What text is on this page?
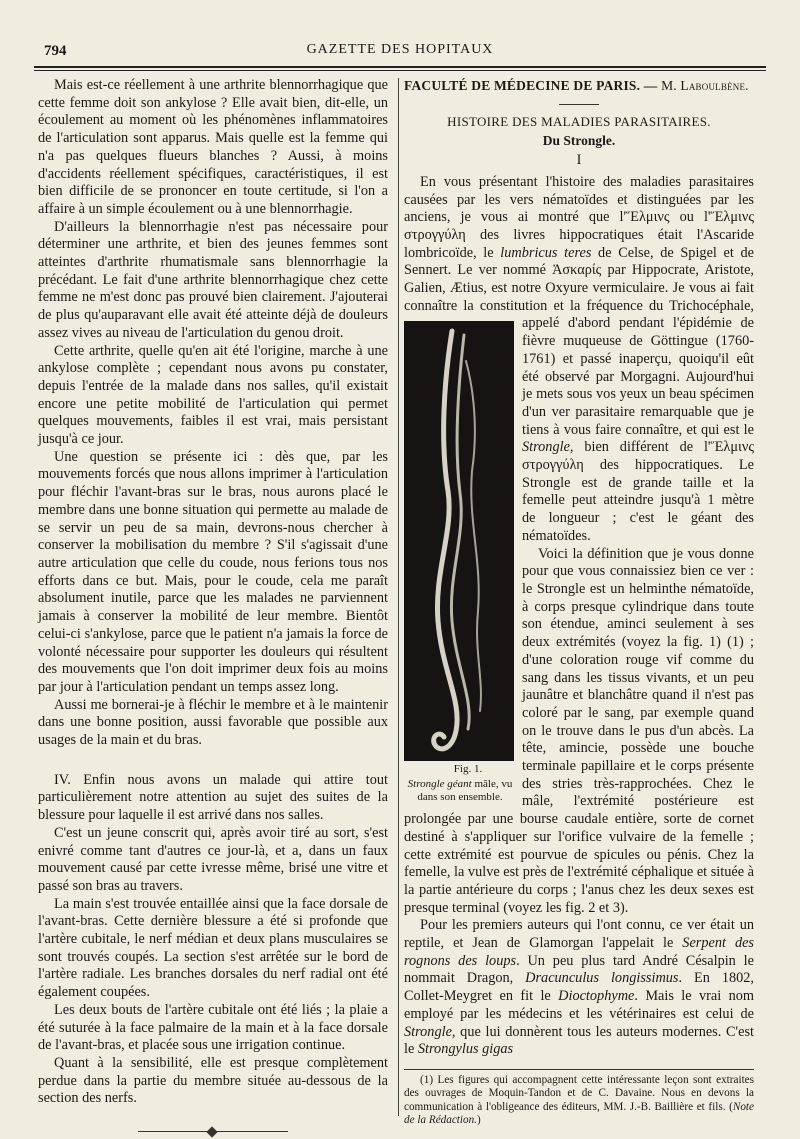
794	GAZETTE DES HOPITAUX

Mais est-ce réellement à une arthrite blennorrhagique que cette femme doit son ankylose ? Elle avait bien, dit-elle, un écoulement au moment où les phénomènes inflammatoires de l'articulation sont apparus. Mais quelle est la femme qui n'a pas quelques flueurs blanches ? Aussi, à moins d'accidents réellement spécifiques, caractéristiques, il est bien difficile de se prononcer en toute certitude, si l'on a affaire à un simple écoulement ou à une blennorrhagie.

D'ailleurs la blennorrhagie n'est pas nécessaire pour déterminer une arthrite, et bien des jeunes femmes sont atteintes d'arthrite rhumatismale sans blennorrhagie la précédant. Le fait d'une arthrite blennorrhagique chez cette femme ne m'est donc pas prouvé bien clairement. J'ajouterai de plus qu'auparavant elle avait été atteinte déjà de douleurs assez vives au niveau de l'articulation du genou droit.

Cette arthrite, quelle qu'en ait été l'origine, marche à une ankylose complète ; cependant nous avons pu constater, depuis l'entrée de la malade dans nos salles, qu'il existait encore une petite mobilité de l'articulation qui permet quelques mouvements, faibles il est vrai, mais persistant jusqu'à ce jour.

Une question se présente ici : dès que, par les mouvements forcés que nous allons imprimer à l'articulation pour fléchir l'avant-bras sur le bras, nous aurons placé le membre dans une bonne situation qui permette au malade de se servir un peu de sa main, devrons-nous chercher à conserver la mobilisation du membre ? S'il s'agissait d'une autre articulation que celle du coude, nous ferions tous nos efforts dans ce but. Mais, pour le coude, cela me paraît absolument inutile, parce que les malades ne parviennent jamais à conserver la mobilité de leur membre. Bientôt celui-ci s'ankylose, parce que le patient n'a jamais la force de volonté nécessaire pour supporter les douleurs qui résultent des mouvements que l'on doit imprimer deux fois au moins par jour à l'articulation pendant un temps assez long.

Aussi me bornerai-je à fléchir le membre et à le maintenir dans une bonne position, aussi favorable que possible aux usages de la main et du bras.

IV. Enfin nous avons un malade qui attire tout particulièrement notre attention au sujet des suites de la blessure pour laquelle il est arrivé dans nos salles.

C'est un jeune conscrit qui, après avoir tiré au sort, s'est enivré comme tant d'autres ce jour-là, et a, dans un faux mouvement causé par cette ivresse même, brisé une vitre et passé son bras au travers.

La main s'est trouvée entaillée ainsi que la face dorsale de l'avant-bras. Cette dernière blessure a été si profonde que l'artère cubitale, le nerf médian et deux plans musculaires se sont trouvés coupés. La section s'est arrêtée sur le bord de l'artère radiale. Les branches dorsales du nerf radial ont été également coupées.

Les deux bouts de l'artère cubitale ont été liés ; la plaie a été suturée à la face palmaire de la main et à la face dorsale de l'avant-bras, et placée sous une irrigation continue.

Quant à la sensibilité, elle est presque complètement perdue dans la partie du membre située au-dessous de la section des nerfs.

FACULTÉ DE MÉDECINE DE PARIS. — M. Laboulbène.

HISTOIRE DES MALADIES PARASITAIRES.

Du Strongle.

I

En vous présentant l'histoire des maladies parasitaires causées par les vers nématoïdes et distinguées par les anciens, je vous ai montré que l'Ἕλμινς ou l'Ἕλμινς στρογγύλη des livres hippocratiques était l'Ascaride lombricoïde, le lumbricus teres de Celse, de Spigel et de Sennert. Le ver nommé Ἀσκαρίς par Hippocrate, Aristote, Galien, Ætius, est notre Oxyure vermiculaire. Je vous ai fait connaître la constitution et la fréquence du Trichocéphale, appelé d'abord
Fig. 1.
Strongle géant mâle, vu dans son ensemble.
pendant l'épidémie de fièvre muqueuse de Göttingue (1760-1761) et passé inaperçu, quoiqu'il eût été observé par Morgagni. Aujourd'hui je mets sous vos yeux un beau spécimen d'un ver parasitaire remarquable que je tiens à vous faire connaître, et qui est le Strongle, bien différent de l'Ἕλμινς στρογγύλη des hippocratiques. Le Strongle est de grande taille et la femelle peut atteindre jusqu'à 1 mètre de longueur ; c'est le géant des nématoïdes.

Voici la définition que je vous donne pour que vous connaissiez bien ce ver : le Strongle est un helminthe nématoïde, à corps presque cylindrique dans toute son étendue, aminci seulement à ses deux extrémités (voyez la fig. 1) (1) ; d'une coloration rouge vif comme du sang dans les tissus vivants, et un peu jaunâtre et blanchâtre quand il n'est pas coloré par le sang, par exemple quand on le trouve dans le pus d'un abcès. La tête, amincie, possède une bouche terminale papillaire et le corps présente des stries très-rapprochées. Chez le mâle, l'extrémité postérieure est prolongée par une bourse caudale entière, sorte de cornet destiné à s'appliquer sur l'orifice vulvaire de la femelle ; cette extrémité est pourvue de spicules ou pénis. Chez la femelle, la vulve est près de l'extrémité céphalique et située à la partie antérieure du corps ; l'anus chez les deux sexes est presque terminal (voyez les fig. 2 et 3).

Pour les premiers auteurs qui l'ont connu, ce ver était un reptile, et Jean de Glamorgan l'appelait le Serpent des rognons des loups. Un peu plus tard André Césalpin le nommait Dragon, Dracunculus longissimus. En 1802, Collet-Meygret en fit le Dioctophyme. Mais le vrai nom employé par les médecins et les vétérinaires est celui de Strongle, que lui donnèrent tous les auteurs modernes. C'est le Strongylus gigas

(1) Les figures qui accompagnent cette intéressante leçon sont extraites des ouvrages de Moquin-Tandon et de C. Davaine. Nous en devons la communication à l'obligeance des éditeurs, MM. J.-B. Baillière et fils. (Note de la Rédaction.)
